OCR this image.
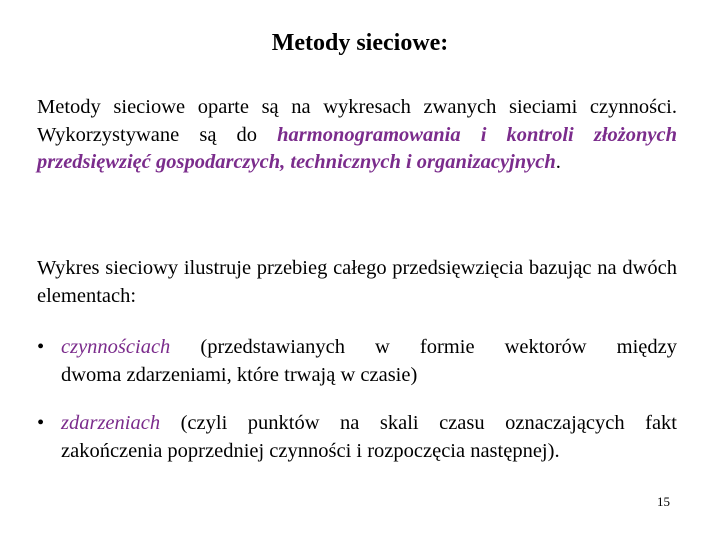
Metody sieciowe:

Metody sieciowe oparte są na wykresach zwanych sieciami czynności. Wykorzystywane są do harmonogramowania i kontroli złożonych przedsięwzięć gospodarczych, technicznych i organizacyjnych.

Wykres sieciowy ilustruje przebieg całego przedsięwzięcia bazując na dwóch elementach:

• czynnościach (przedstawianych w formie wektorów między
dwoma zdarzeniami, które trwają w czasie)
• zdarzeniach (czyli punktów na skali czasu oznaczających fakt
zakończenia poprzedniej czynności i rozpoczęcia następnej).
15
